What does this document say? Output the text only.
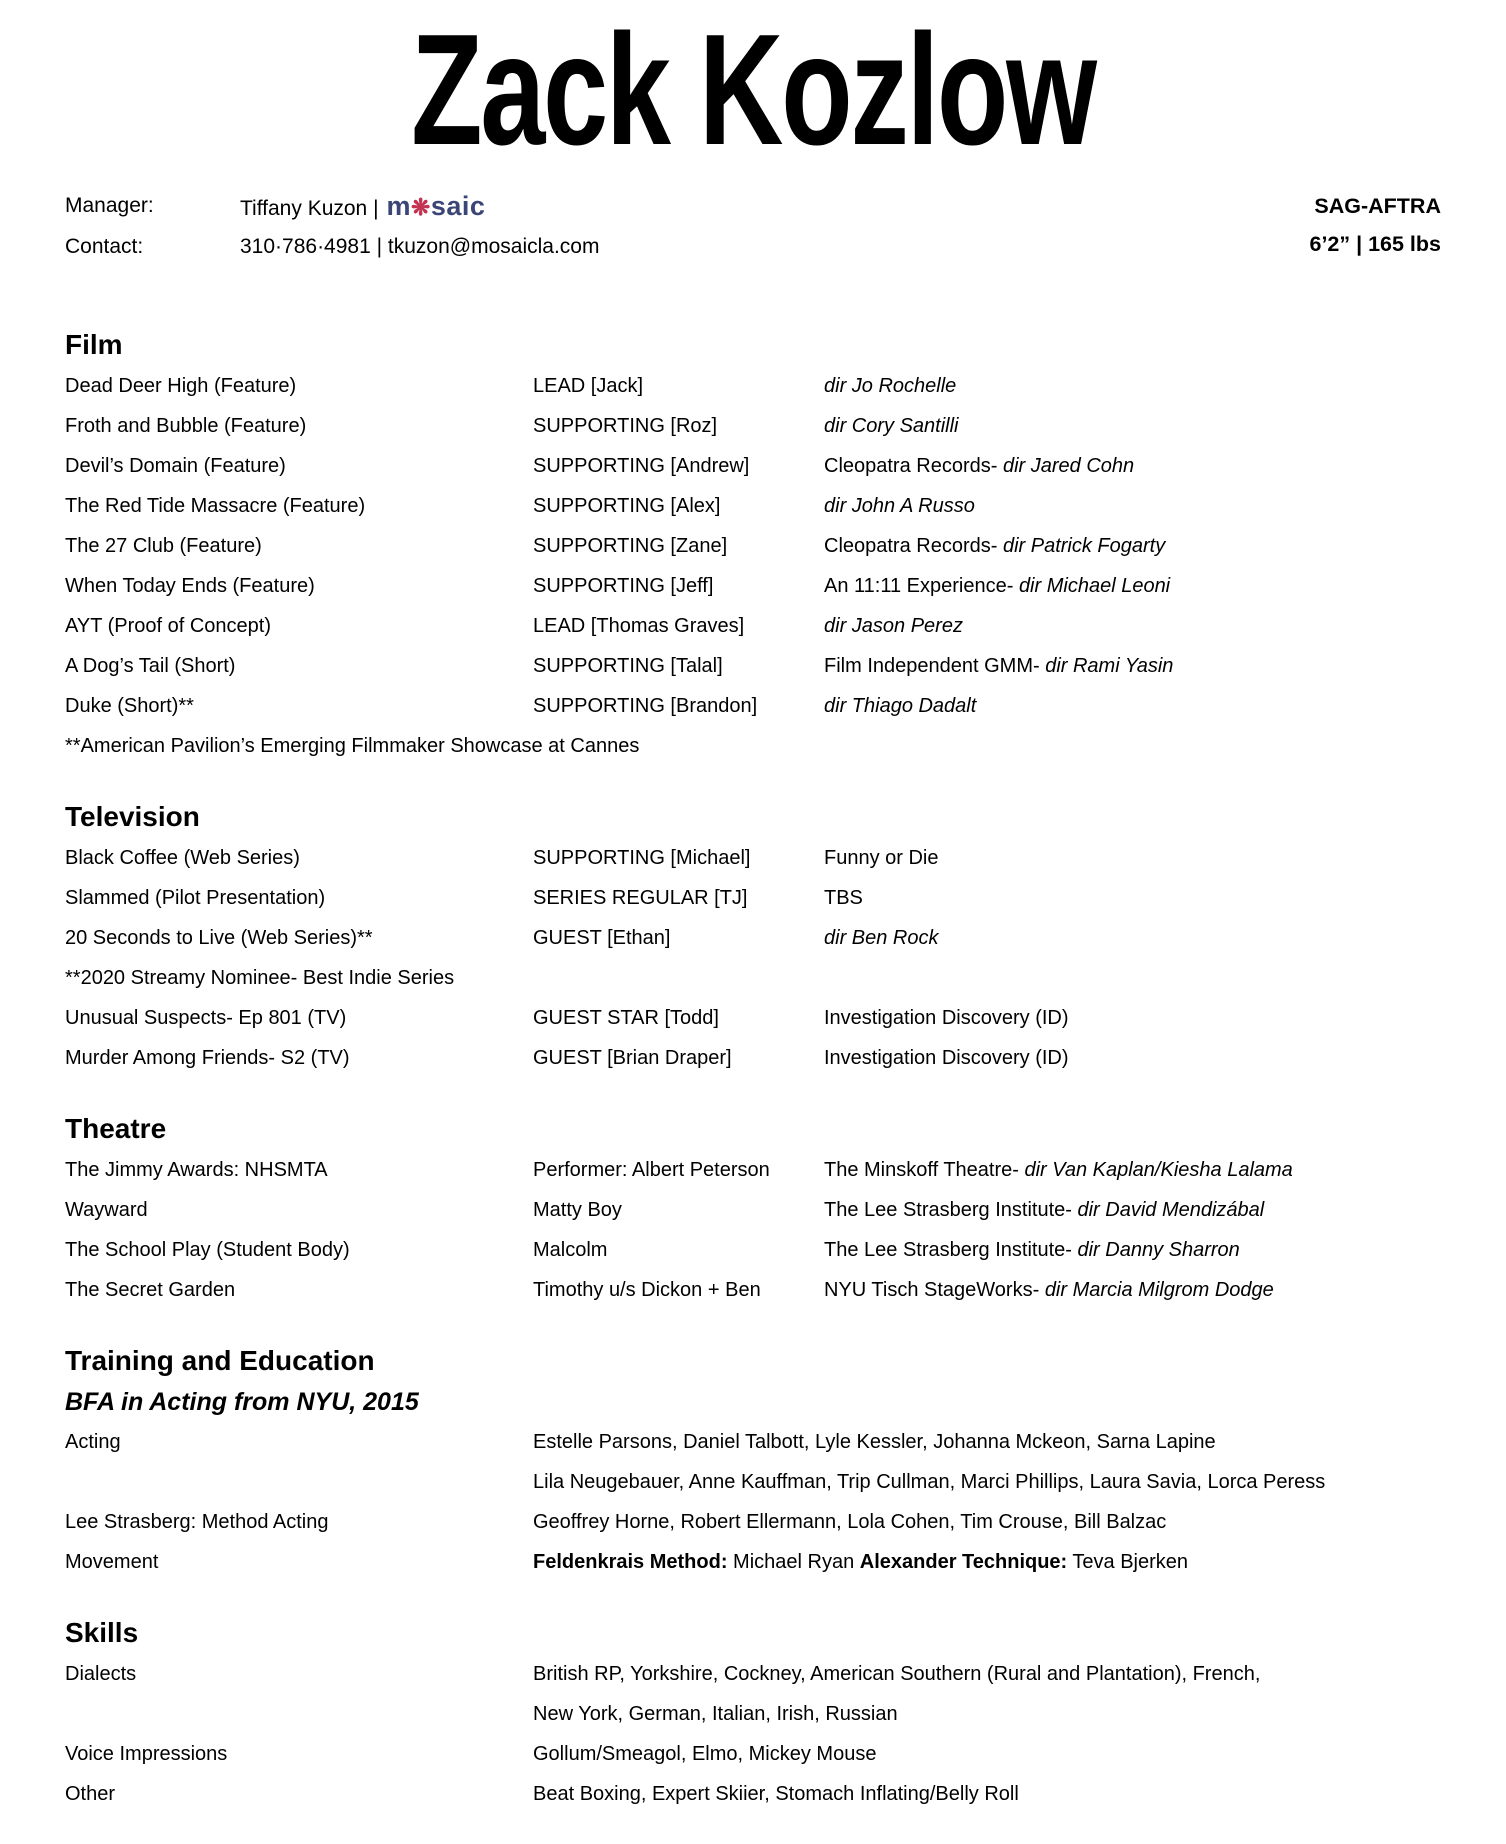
Zack Kozlow
Manager:	Tiffany Kuzon | m❋saic
Contact:	310·786·4981 | tkuzon@mosaicla.com
SAG-AFTRA
6’2” | 165 lbs
Film
Dead Deer High (Feature)	LEAD [Jack]	dir Jo Rochelle
Froth and Bubble (Feature)	SUPPORTING [Roz]	dir Cory Santilli
Devil’s Domain (Feature)	SUPPORTING [Andrew]	Cleopatra Records- dir Jared Cohn
The Red Tide Massacre (Feature)	SUPPORTING [Alex]	dir John A Russo
The 27 Club (Feature)	SUPPORTING [Zane]	Cleopatra Records- dir Patrick Fogarty
When Today Ends (Feature)	SUPPORTING [Jeff]	An 11:11 Experience- dir Michael Leoni
AYT (Proof of Concept)	LEAD [Thomas Graves]	dir Jason Perez
A Dog’s Tail (Short)	SUPPORTING [Talal]	Film Independent GMM- dir Rami Yasin
Duke (Short)**	SUPPORTING [Brandon]	dir Thiago Dadalt
**American Pavilion’s Emerging Filmmaker Showcase at Cannes
Television
Black Coffee (Web Series)	SUPPORTING [Michael]	Funny or Die
Slammed (Pilot Presentation)	SERIES REGULAR [TJ]	TBS
20 Seconds to Live (Web Series)**	GUEST [Ethan]	dir Ben Rock
**2020 Streamy Nominee- Best Indie Series
Unusual Suspects- Ep 801 (TV)	GUEST STAR [Todd]	Investigation Discovery (ID)
Murder Among Friends- S2 (TV)	GUEST [Brian Draper]	Investigation Discovery (ID)
Theatre
The Jimmy Awards: NHSMTA	Performer: Albert Peterson	The Minskoff Theatre- dir Van Kaplan/Kiesha Lalama
Wayward	Matty Boy	The Lee Strasberg Institute- dir David Mendizábal
The School Play (Student Body)	Malcolm	The Lee Strasberg Institute- dir Danny Sharron
The Secret Garden	Timothy u/s Dickon + Ben	NYU Tisch StageWorks- dir Marcia Milgrom Dodge
Training and Education
BFA in Acting from NYU, 2015
Acting	Estelle Parsons, Daniel Talbott, Lyle Kessler, Johanna Mckeon, Sarna Lapine
Lila Neugebauer, Anne Kauffman, Trip Cullman, Marci Phillips, Laura Savia, Lorca Peress
Lee Strasberg: Method Acting	Geoffrey Horne, Robert Ellermann, Lola Cohen, Tim Crouse, Bill Balzac
Movement	Feldenkrais Method: Michael Ryan Alexander Technique: Teva Bjerken
Skills
Dialects	British RP, Yorkshire, Cockney, American Southern (Rural and Plantation), French,
New York, German, Italian, Irish, Russian
Voice Impressions	Gollum/Smeagol, Elmo, Mickey Mouse
Other	Beat Boxing, Expert Skiier, Stomach Inflating/Belly Roll
